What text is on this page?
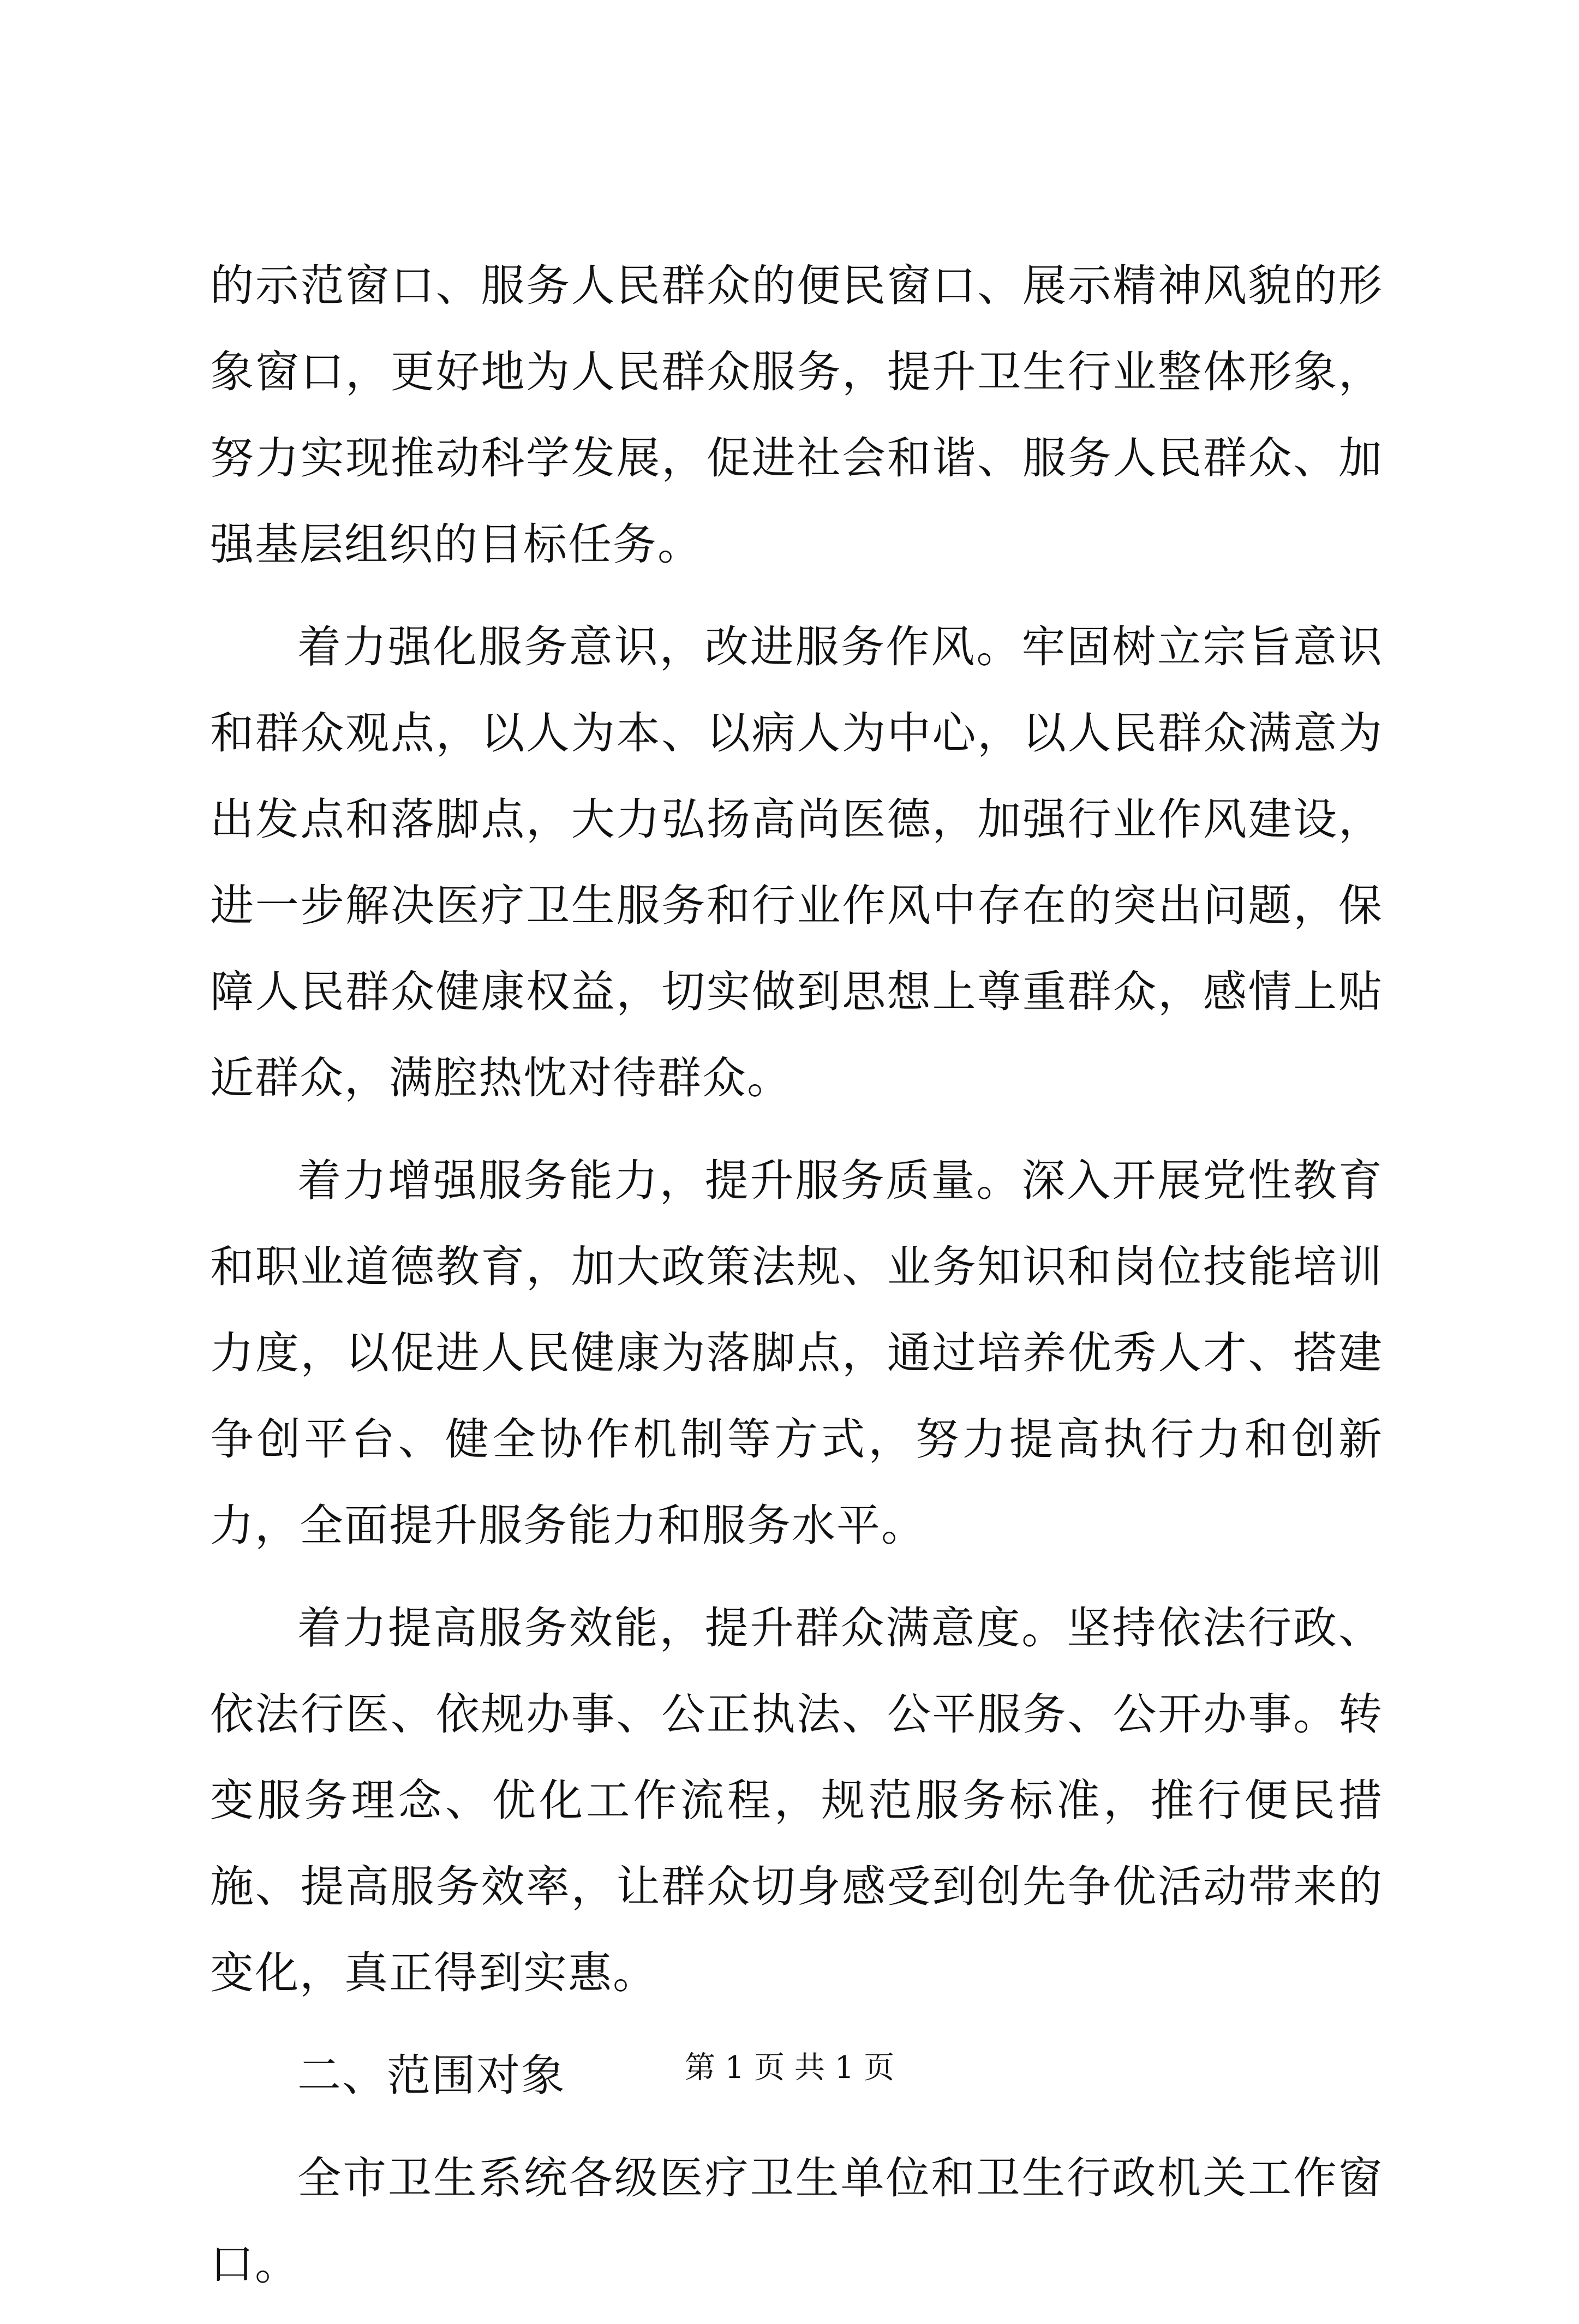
的示范窗口、服务人民群众的便民窗口、展示精神风貌的形象窗口，更好地为人民群众服务，提升卫生行业整体形象，努力实现推动科学发展，促进社会和谐、服务人民群众、加强基层组织的目标任务。

着力强化服务意识，改进服务作风。牢固树立宗旨意识和群众观点，以人为本、以病人为中心，以人民群众满意为出发点和落脚点，大力弘扬高尚医德，加强行业作风建设，进一步解决医疗卫生服务和行业作风中存在的突出问题，保障人民群众健康权益，切实做到思想上尊重群众，感情上贴近群众，满腔热忱对待群众。

着力增强服务能力，提升服务质量。深入开展党性教育和职业道德教育，加大政策法规、业务知识和岗位技能培训力度，以促进人民健康为落脚点，通过培养优秀人才、搭建争创平台、健全协作机制等方式，努力提高执行力和创新力，全面提升服务能力和服务水平。

着力提高服务效能，提升群众满意度。坚持依法行政、依法行医、依规办事、公正执法、公平服务、公开办事。转变服务理念、优化工作流程，规范服务标准，推行便民措施、提高服务效率，让群众切身感受到创先争优活动带来的变化，真正得到实惠。

二、范围对象

全市卫生系统各级医疗卫生单位和卫生行政机关工作窗口。

第 1 页 共 1 页
